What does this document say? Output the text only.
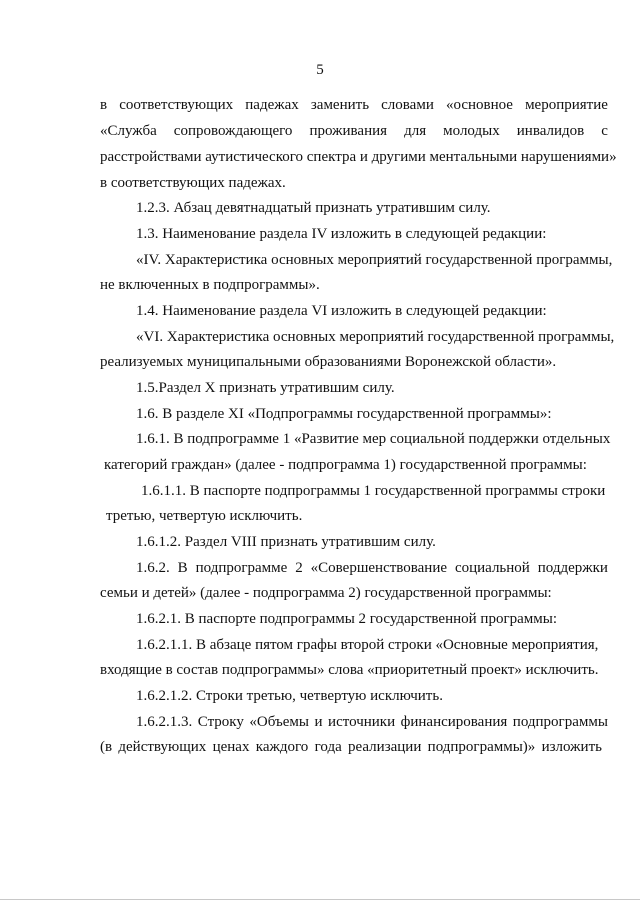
5
в соответствующих падежах заменить словами «основное мероприятие
«Служба сопровождающего проживания для молодых инвалидов с
расстройствами аутистического спектра и другими ментальными нарушениями»
в соответствующих падежах.
1.2.3. Абзац девятнадцатый признать утратившим силу.
1.3. Наименование раздела IV изложить в следующей редакции:
«IV. Характеристика основных мероприятий государственной программы,
не включенных в подпрограммы».
1.4. Наименование раздела VI изложить в следующей редакции:
«VI. Характеристика основных мероприятий государственной программы,
реализуемых муниципальными образованиями Воронежской области».
1.5.Раздел X признать утратившим силу.
1.6. В разделе XI «Подпрограммы государственной программы»:
1.6.1. В подпрограмме 1 «Развитие мер социальной поддержки отдельных
категорий граждан» (далее - подпрограмма 1) государственной программы:
1.6.1.1. В паспорте подпрограммы 1 государственной программы строки
третью, четвертую исключить.
1.6.1.2. Раздел VIII признать утратившим силу.
1.6.2. В подпрограмме 2 «Совершенствование социальной поддержки
семьи и детей» (далее - подпрограмма 2) государственной программы:
1.6.2.1. В паспорте подпрограммы 2 государственной программы:
1.6.2.1.1. В абзаце пятом графы второй строки «Основные мероприятия,
входящие в состав подпрограммы» слова «приоритетный проект» исключить.
1.6.2.1.2. Строки третью, четвертую исключить.
1.6.2.1.3. Строку «Объемы и источники финансирования подпрограммы
(в действующих ценах каждого года реализации подпрограммы)» изложить
